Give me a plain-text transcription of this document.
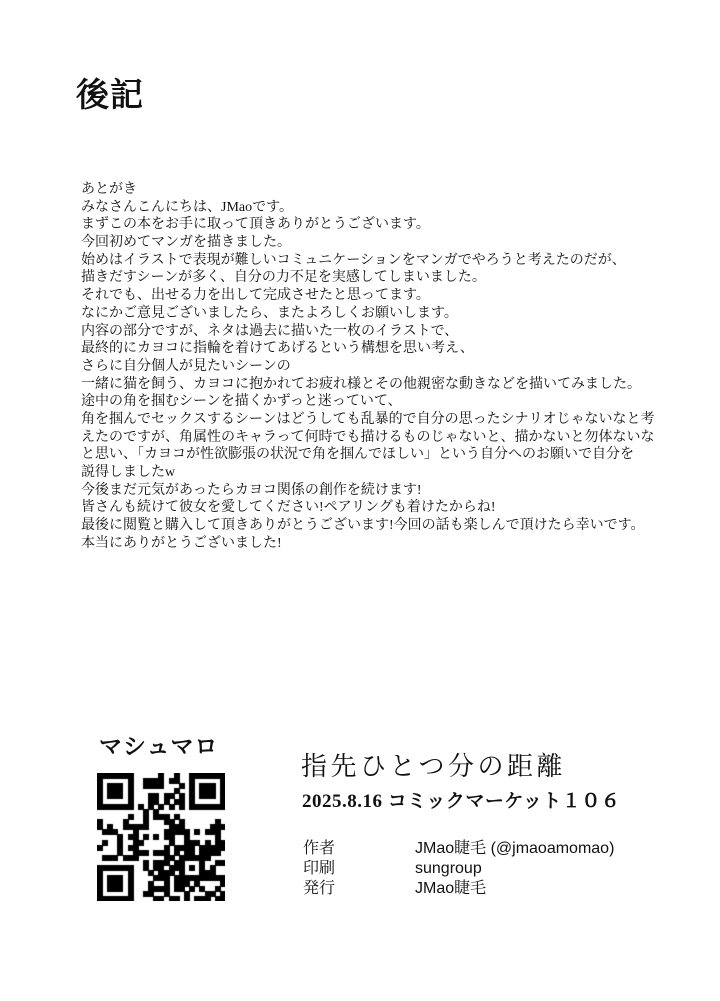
後記
あとがき
みなさんこんにちは、JMaoです。
まずこの本をお手に取って頂きありがとうございます。
今回初めてマンガを描きました。
始めはイラストで表現が難しいコミュニケーションをマンガでやろうと考えたのだが、
描きだすシーンが多く、自分の力不足を実感してしまいました。
それでも、出せる力を出して完成させたと思ってます。
なにかご意見ございましたら、またよろしくお願いします。
内容の部分ですが、ネタは過去に描いた一枚のイラストで、
最終的にカヨコに指輪を着けてあげるという構想を思い考え、
さらに自分個人が見たいシーンの
一緒に猫を飼う、カヨコに抱かれてお疲れ様とその他親密な動きなどを描いてみました。
途中の角を掴むシーンを描くかずっと迷っていて、
角を掴んでセックスするシーンはどうしても乱暴的で自分の思ったシナリオじゃないなと考
えたのですが、角属性のキャラって何時でも描けるものじゃないと、描かないと勿体ないな
と思い、「カヨコが性欲膨張の状況で角を掴んでほしい」という自分へのお願いで自分を
説得しましたw
今後まだ元気があったらカヨコ関係の創作を続けます!
皆さんも続けて彼女を愛してください!ペアリングも着けたからね!
最後に閲覧と購入して頂きありがとうございます!今回の話も楽しんで頂けたら幸いです。
本当にありがとうございました!
マシュマロ
指先ひとつ分の距離
2025.8.16 コミックマーケット１０６
作者	JMao睫毛 (@jmaoamomao)
印刷	sungroup
発行	JMao睫毛
